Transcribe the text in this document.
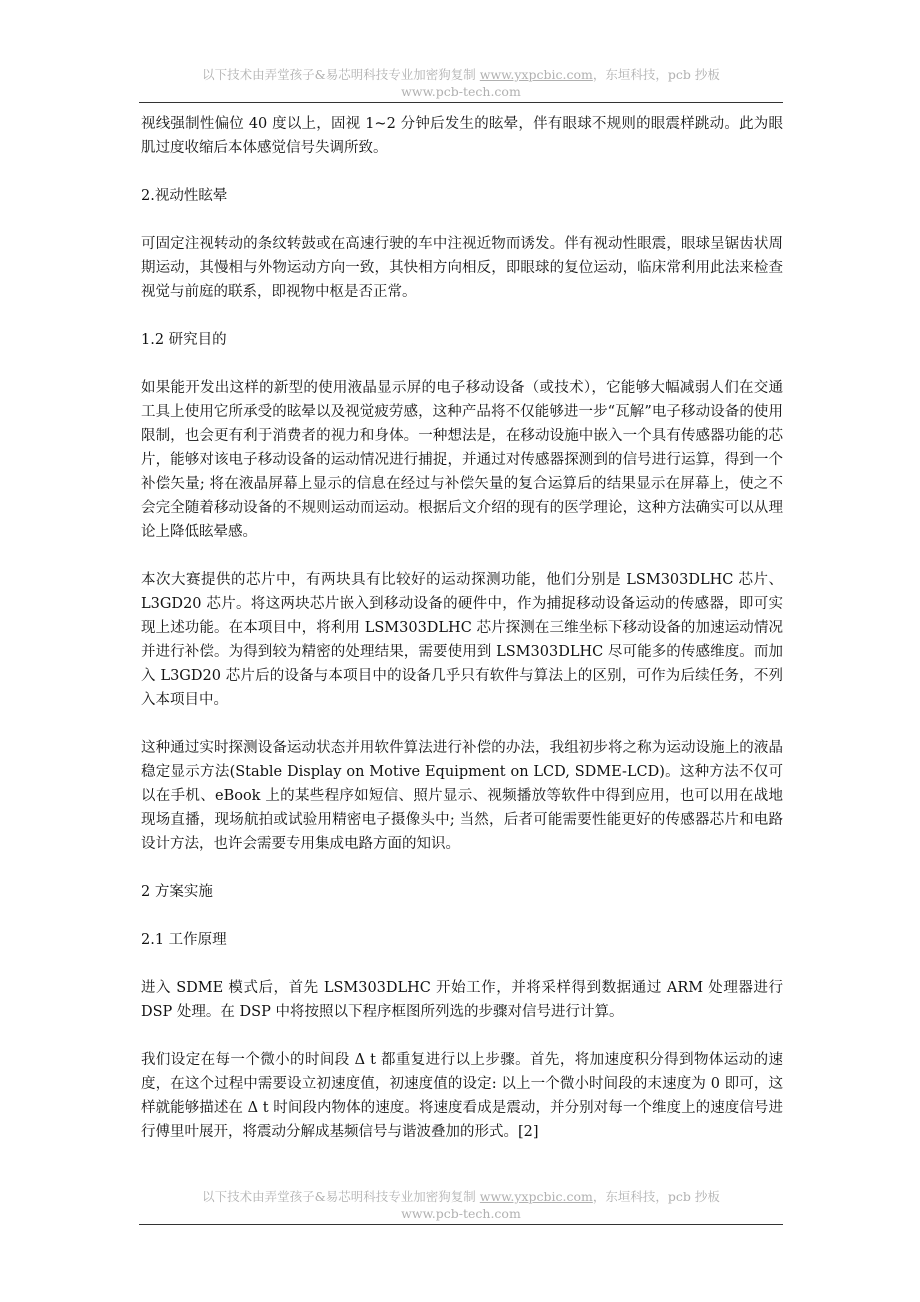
以下技术由弄堂孩子&易芯明科技专业加密狗复制 www.yxpcbic.com，东垣科技，pcb 抄板
www.pcb-tech.com

视线强制性偏位 40 度以上，固视 1~2 分钟后发生的眩晕，伴有眼球不规则的眼震样跳动。此为眼肌过度收缩后本体感觉信号失调所致。

2.视动性眩晕

可固定注视转动的条纹转鼓或在高速行驶的车中注视近物而诱发。伴有视动性眼震，眼球呈锯齿状周期运动，其慢相与外物运动方向一致，其快相方向相反，即眼球的复位运动，临床常利用此法来检查视觉与前庭的联系，即视物中枢是否正常。

1.2 研究目的

如果能开发出这样的新型的使用液晶显示屏的电子移动设备（或技术），它能够大幅减弱人们在交通工具上使用它所承受的眩晕以及视觉疲劳感，这种产品将不仅能够进一步“瓦解”电子移动设备的使用限制，也会更有利于消费者的视力和身体。一种想法是，在移动设施中嵌入一个具有传感器功能的芯片，能够对该电子移动设备的运动情况进行捕捉，并通过对传感器探测到的信号进行运算，得到一个补偿矢量; 将在液晶屏幕上显示的信息在经过与补偿矢量的复合运算后的结果显示在屏幕上，使之不会完全随着移动设备的不规则运动而运动。根据后文介绍的现有的医学理论，这种方法确实可以从理论上降低眩晕感。

本次大赛提供的芯片中，有两块具有比较好的运动探测功能，他们分别是 LSM303DLHC 芯片、L3GD20 芯片。将这两块芯片嵌入到移动设备的硬件中，作为捕捉移动设备运动的传感器，即可实现上述功能。在本项目中，将利用 LSM303DLHC 芯片探测在三维坐标下移动设备的加速运动情况并进行补偿。为得到较为精密的处理结果，需要使用到 LSM303DLHC 尽可能多的传感维度。而加入 L3GD20 芯片后的设备与本项目中的设备几乎只有软件与算法上的区别，可作为后续任务，不列入本项目中。

这种通过实时探测设备运动状态并用软件算法进行补偿的办法，我组初步将之称为运动设施上的液晶稳定显示方法(Stable Display on Motive Equipment on LCD, SDME-LCD)。这种方法不仅可以在手机、eBook 上的某些程序如短信、照片显示、视频播放等软件中得到应用，也可以用在战地现场直播，现场航拍或试验用精密电子摄像头中; 当然，后者可能需要性能更好的传感器芯片和电路设计方法，也许会需要专用集成电路方面的知识。

2 方案实施

2.1 工作原理

进入 SDME 模式后，首先 LSM303DLHC 开始工作，并将采样得到数据通过 ARM 处理器进行 DSP 处理。在 DSP 中将按照以下程序框图所列选的步骤对信号进行计算。

我们设定在每一个微小的时间段 Δ t 都重复进行以上步骤。首先，将加速度积分得到物体运动的速度，在这个过程中需要设立初速度值，初速度值的设定: 以上一个微小时间段的末速度为 0 即可，这样就能够描述在 Δ t 时间段内物体的速度。将速度看成是震动，并分别对每一个维度上的速度信号进行傅里叶展开，将震动分解成基频信号与谐波叠加的形式。[2]

以下技术由弄堂孩子&易芯明科技专业加密狗复制 www.yxpcbic.com，东垣科技，pcb 抄板
www.pcb-tech.com
